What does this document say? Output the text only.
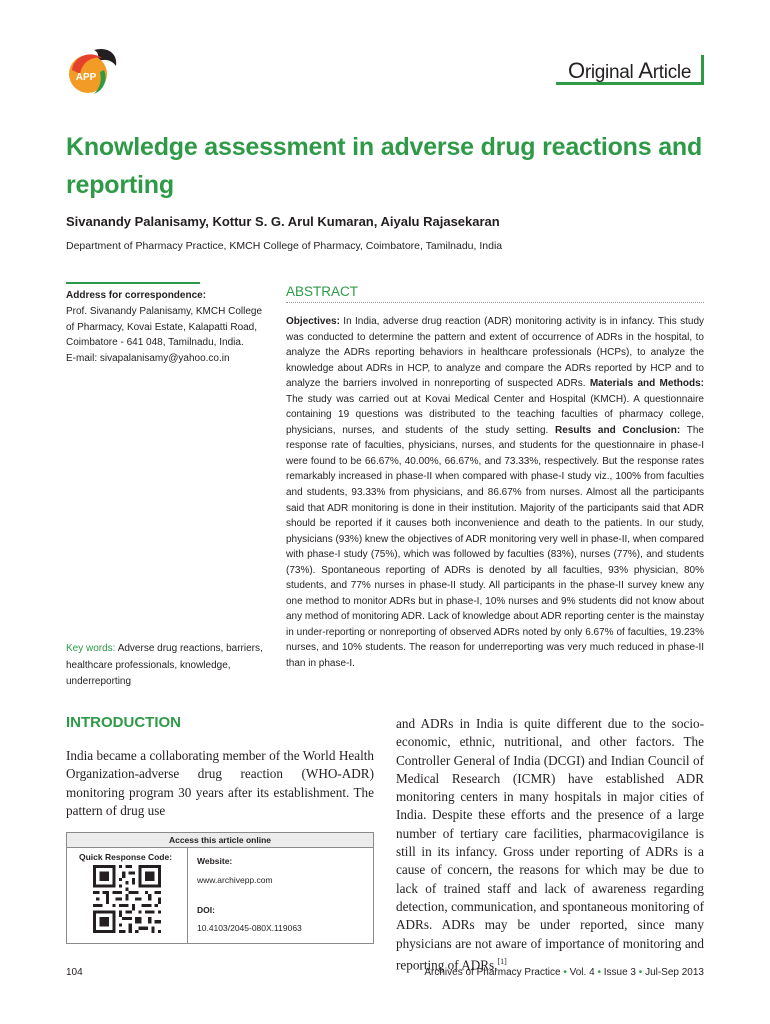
APP	Original Article
Knowledge assessment in adverse drug reactions and reporting
Sivanandy Palanisamy, Kottur S. G. Arul Kumaran, Aiyalu Rajasekaran
Department of Pharmacy Practice, KMCH College of Pharmacy, Coimbatore, Tamilnadu, India
Address for correspondence:
Prof. Sivanandy Palanisamy, KMCH College
of Pharmacy, Kovai Estate, Kalapatti Road,
Coimbatore - 641 048, Tamilnadu, India.
E-mail: sivapalanisamy@yahoo.co.in
Key words: Adverse drug reactions, barriers, healthcare professionals, knowledge, underreporting
ABSTRACT

Objectives: In India, adverse drug reaction (ADR) monitoring activity is in infancy. This study was conducted to determine the pattern and extent of occurrence of ADRs in the hospital, to analyze the ADRs reporting behaviors in healthcare professionals (HCPs), to analyze the knowledge about ADRs in HCP, to analyze and compare the ADRs reported by HCP and to analyze the barriers involved in nonreporting of suspected ADRs. Materials and Methods: The study was carried out at Kovai Medical Center and Hospital (KMCH). A questionnaire containing 19 questions was distributed to the teaching faculties of pharmacy college, physicians, nurses, and students of the study setting. Results and Conclusion: The response rate of faculties, physicians, nurses, and students for the questionnaire in phase-I were found to be 66.67%, 40.00%, 66.67%, and 73.33%, respectively. But the response rates remarkably increased in phase-II when compared with phase-I study viz., 100% from faculties and students, 93.33% from physicians, and 86.67% from nurses. Almost all the participants said that ADR monitoring is done in their institution. Majority of the participants said that ADR should be reported if it causes both inconvenience and death to the patients. In our study, physicians (93%) knew the objectives of ADR monitoring very well in phase-II, when compared with phase-I study (75%), which was followed by faculties (83%), nurses (77%), and students (73%). Spontaneous reporting of ADRs is denoted by all faculties, 93% physician, 80% students, and 77% nurses in phase-II study. All participants in the phase-II survey knew any one method to monitor ADRs but in phase-I, 10% nurses and 9% students did not know about any method of monitoring ADR. Lack of knowledge about ADR reporting center is the mainstay in under-reporting or nonreporting of observed ADRs noted by only 6.67% of faculties, 19.23% nurses, and 10% students. The reason for underreporting was very much reduced in phase-II than in phase-I.

INTRODUCTION

India became a collaborating member of the World Health Organization-adverse drug reaction (WHO-ADR) monitoring program 30 years after its establishment. The pattern of drug use

Access this article online
Quick Response Code:	Website:
www.archivepp.com
DOI:
10.4103/2045-080X.119063

and ADRs in India is quite different due to the socio-economic, ethnic, nutritional, and other factors. The Controller General of India (DCGI) and Indian Council of Medical Research (ICMR) have established ADR monitoring centers in many hospitals in major cities of India. Despite these efforts and the presence of a large number of tertiary care facilities, pharmacovigilance is still in its infancy. Gross under reporting of ADRs is a cause of concern, the reasons for which may be due to lack of trained staff and lack of awareness regarding detection, communication, and spontaneous monitoring of ADRs. ADRs may be under reported, since many physicians are not aware of importance of monitoring and reporting of ADRs.[1]

104	Archives of Pharmacy Practice • Vol. 4 • Issue 3 • Jul-Sep 2013
